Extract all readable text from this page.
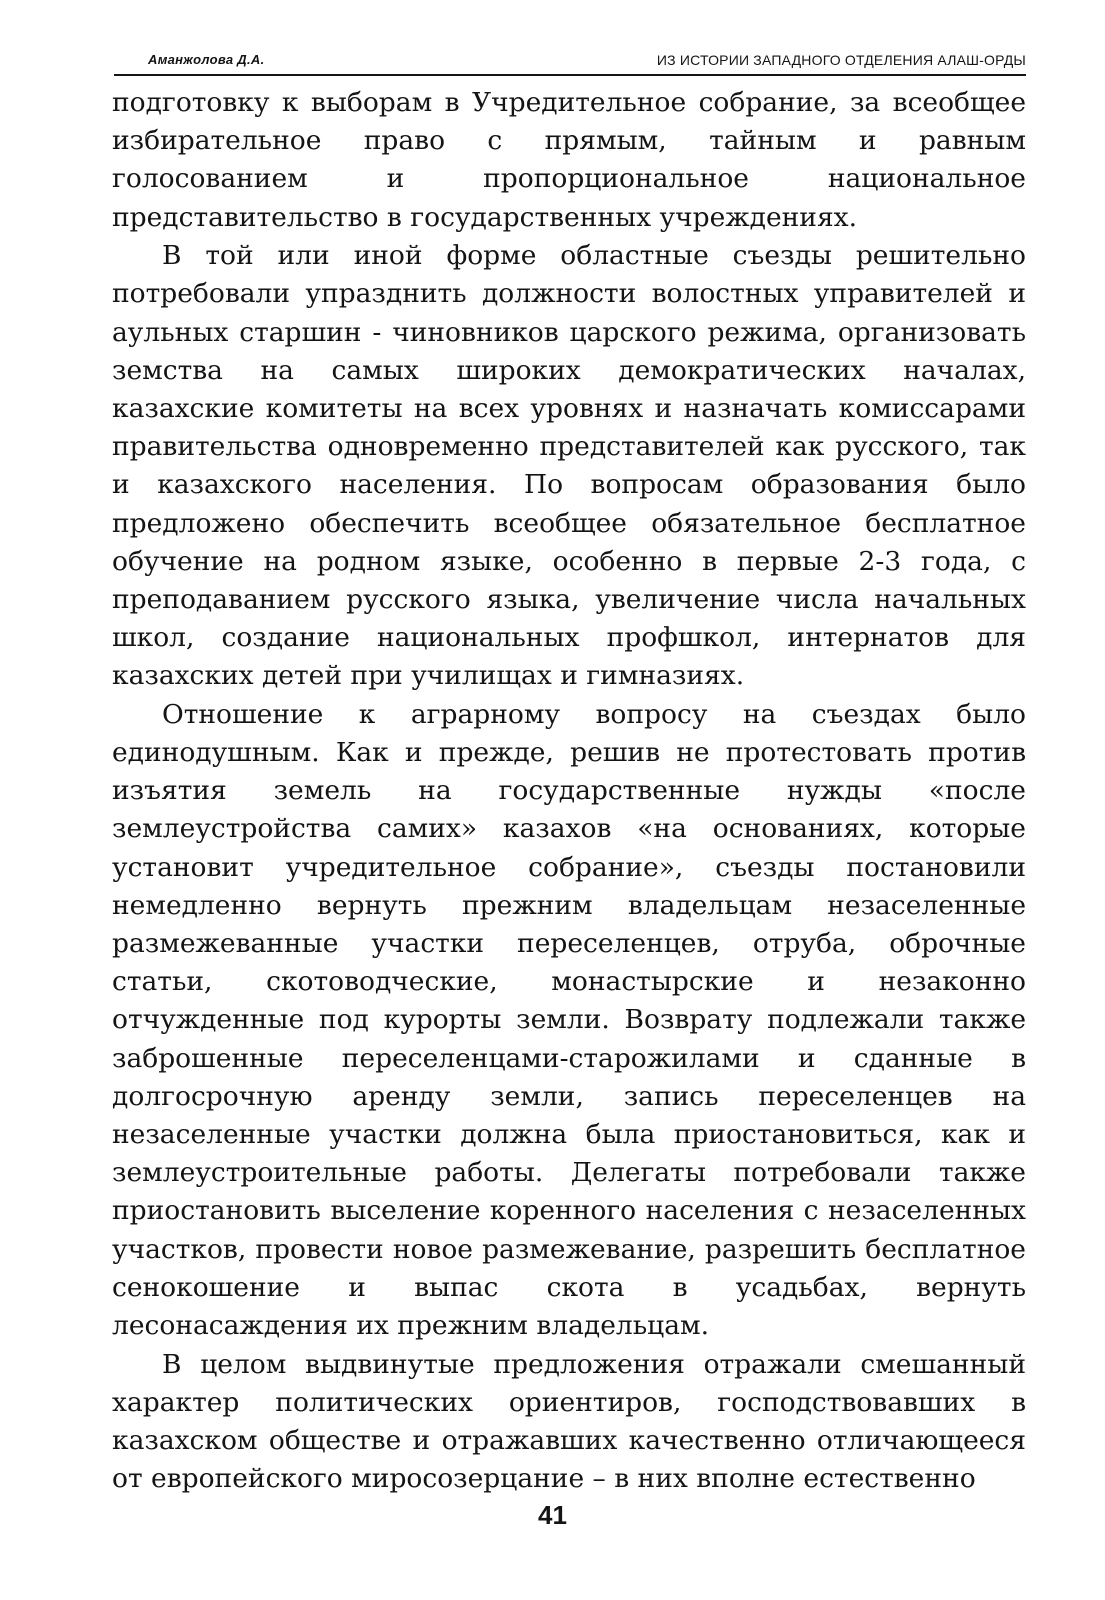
Аманжолова Д.А.	ИЗ ИСТОРИИ ЗАПАДНОГО ОТДЕЛЕНИЯ АЛАШ-ОРДЫ

подготовку к выборам в Учредительное собрание, за всеобщее избирательное право с прямым, тайным и равным голосованием и пропорциональное национальное представительство в государственных учреждениях.

В той или иной форме областные съезды решительно потребовали упразднить должности волостных управителей и аульных старшин - чиновников царского режима, организовать земства на самых широких демократических началах, казахские комитеты на всех уровнях и назначать комиссарами правительства одновременно представителей как русского, так и казахского населения. По вопросам образования было предложено обеспечить всеобщее обязательное бесплатное обучение на родном языке, особенно в первые 2-3 года, с преподаванием русского языка, увеличение числа начальных школ, создание национальных профшкол, интернатов для казахских детей при училищах и гимназиях.

Отношение к аграрному вопросу на съездах было единодушным. Как и прежде, решив не протестовать против изъятия земель на государственные нужды «после землеустройства самих» казахов «на основаниях, которые установит учредительное собрание», съезды постановили немедленно вернуть прежним владельцам незаселенные размежеванные участки переселенцев, отруба, оброчные статьи, скотоводческие, монастырские и незаконно отчужденные под курорты земли. Возврату подлежали также заброшенные переселенцами-старожилами и сданные в долгосрочную аренду земли, запись переселенцев на незаселенные участки должна была приостановиться, как и землеустроительные работы. Делегаты потребовали также приостановить выселение коренного населения с незаселенных участков, провести новое размежевание, разрешить бесплатное сенокошение и выпас скота в усадьбах, вернуть лесонасаждения их прежним владельцам.

В целом выдвинутые предложения отражали смешанный характер политических ориентиров, господствовавших в казахском обществе и отражавших качественно отличающееся от европейского миросозерцание – в них вполне естественно

41
